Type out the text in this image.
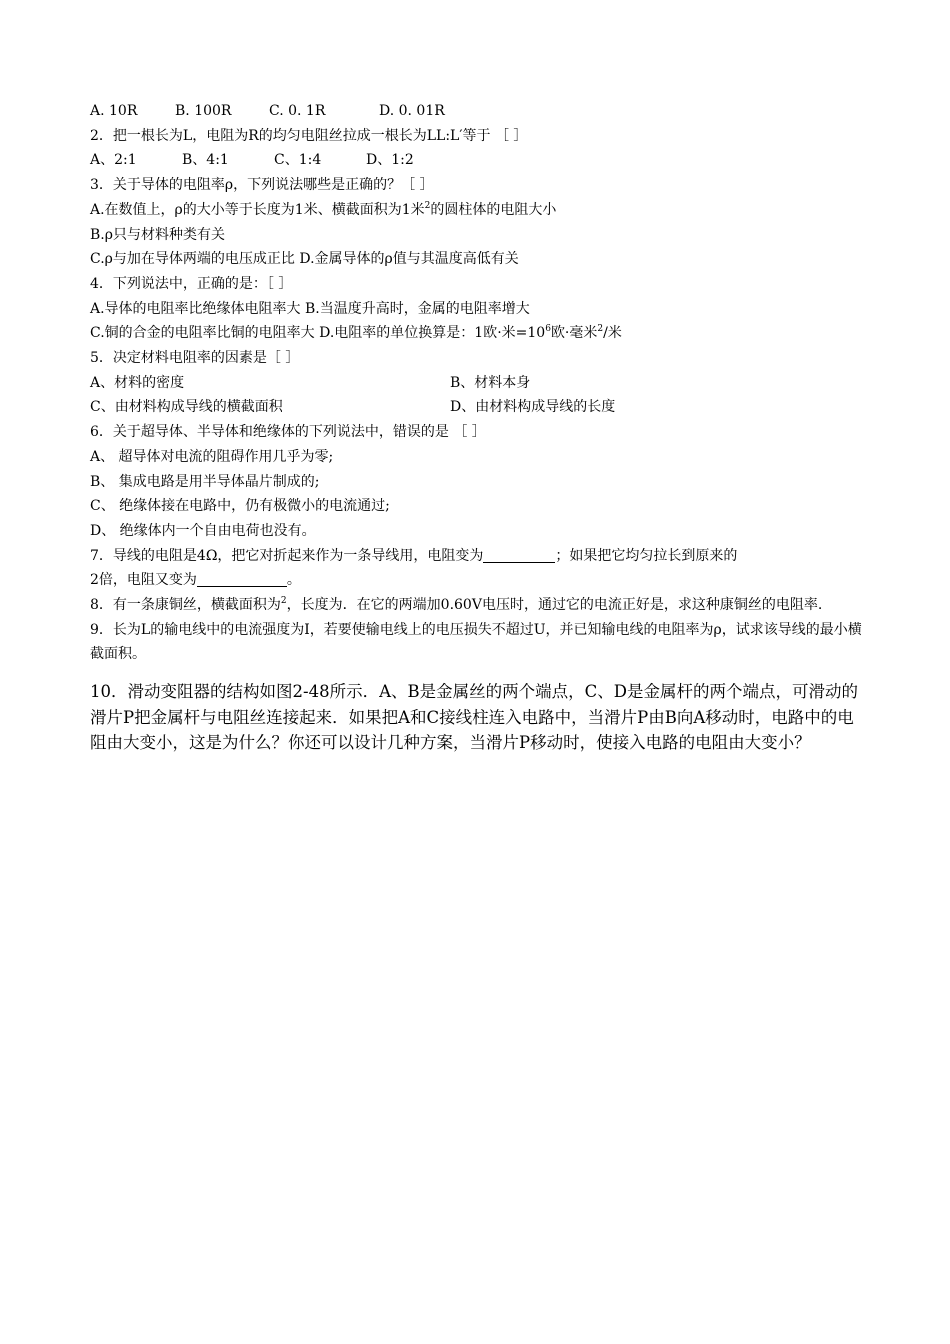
A. 10R	B. 100R	C. 0. 1R	D. 0. 01R
2．把一根长为L，电阻为R的均匀电阻丝拉成一根长为LL:L′等于 ［ ］
A、2:1	B、4:1	C、1:4	D、1:2
3．关于导体的电阻率ρ，下列说法哪些是正确的？［ ］
A.在数值上，ρ的大小等于长度为1米、横截面积为1米$^2$的圆柱体的电阻大小
B.ρ只与材料种类有关
C.ρ与加在导体两端的电压成正比 D.金属导体的ρ值与其温度高低有关
4．下列说法中，正确的是：［ ］
A.导体的电阻率比绝缘体电阻率大 B.当温度升高时，金属的电阻率增大
C.铜的合金的电阻率比铜的电阻率大 D.电阻率的单位换算是：1欧·米$=10^6$欧·毫米$^2$/米
5．决定材料电阻率的因素是［ ］
A、材料的密度	B、材料本身
C、由材料构成导线的横截面积	D、由材料构成导线的长度
6．关于超导体、半导体和绝缘体的下列说法中，错误的是 ［ ］
A、 超导体对电流的阻碍作用几乎为零;
B、 集成电路是用半导体晶片制成的;
C、 绝缘体接在电路中，仍有极微小的电流通过;
D、 绝缘体内一个自由电荷也没有。
7．导线的电阻是4Ω，把它对折起来作为一条导线用，电阻变为	；如果把它均匀拉长到原来的
2倍，电阻又变为	。
8．有一条康铜丝，横截面积为$^2$，长度为．在它的两端加0.60V电压时，通过它的电流正好是，求这种康铜丝的电阻率.
9．长为L的输电线中的电流强度为I，若要使输电线上的电压损失不超过U，并已知输电线的电阻率为ρ，试求该导线的最小横截面积。
10．滑动变阻器的结构如图2-48所示．A、B是金属丝的两个端点，C、D是金属杆的两个端点，可滑动的滑片P把金属杆与电阻丝连接起来．如果把A和C接线柱连入电路中，当滑片P由B向A移动时，电路中的电阻由大变小，这是为什么？你还可以设计几种方案，当滑片P移动时，使接入电路的电阻由大变小？
